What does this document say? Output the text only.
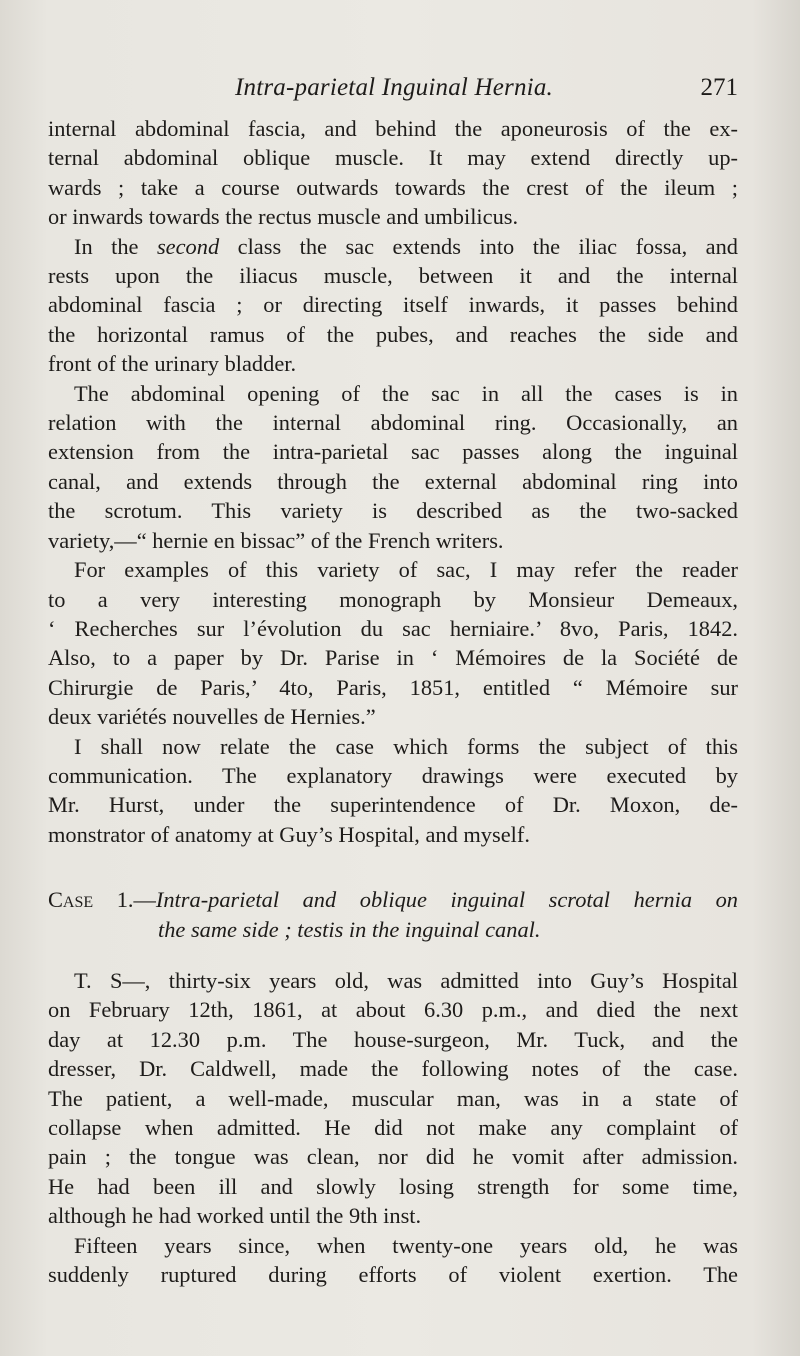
Intra-parietal Inguinal Hernia.	271
internal abdominal fascia, and behind the aponeurosis of the ex-
ternal abdominal oblique muscle. It may extend directly up-
wards ; take a course outwards towards the crest of the ileum ;
or inwards towards the rectus muscle and umbilicus.
In the second class the sac extends into the iliac fossa, and
rests upon the iliacus muscle, between it and the internal
abdominal fascia ; or directing itself inwards, it passes behind
the horizontal ramus of the pubes, and reaches the side and
front of the urinary bladder.
The abdominal opening of the sac in all the cases is in
relation with the internal abdominal ring. Occasionally, an
extension from the intra-parietal sac passes along the inguinal
canal, and extends through the external abdominal ring into
the scrotum. This variety is described as the two-sacked
variety,—“ hernie en bissac” of the French writers.
For examples of this variety of sac, I may refer the reader
to a very interesting monograph by Monsieur Demeaux,
‘ Recherches sur l’évolution du sac herniaire.’ 8vo, Paris, 1842.
Also, to a paper by Dr. Parise in ‘ Mémoires de la Société de
Chirurgie de Paris,’ 4to, Paris, 1851, entitled “ Mémoire sur
deux variétés nouvelles de Hernies.”
I shall now relate the case which forms the subject of this
communication. The explanatory drawings were executed by
Mr. Hurst, under the superintendence of Dr. Moxon, de-
monstrator of anatomy at Guy’s Hospital, and myself.
Case 1.—Intra-parietal and oblique inguinal scrotal hernia on
the same side ; testis in the inguinal canal.
T. S—, thirty-six years old, was admitted into Guy’s Hospital
on February 12th, 1861, at about 6.30 p.m., and died the next
day at 12.30 p.m. The house-surgeon, Mr. Tuck, and the
dresser, Dr. Caldwell, made the following notes of the case.
The patient, a well-made, muscular man, was in a state of
collapse when admitted. He did not make any complaint of
pain ; the tongue was clean, nor did he vomit after admission.
He had been ill and slowly losing strength for some time,
although he had worked until the 9th inst.
Fifteen years since, when twenty-one years old, he was
suddenly ruptured during efforts of violent exertion. The
